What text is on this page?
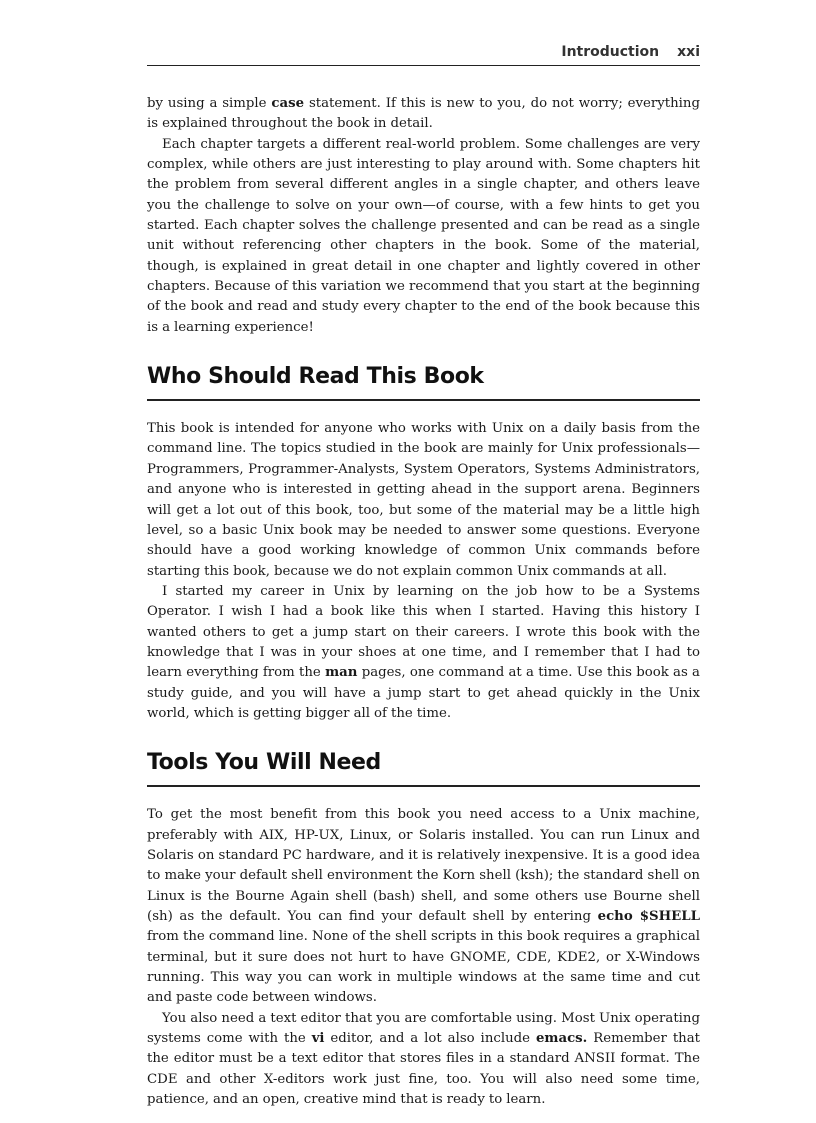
Introduction xxi

by using a simple case statement. If this is new to you, do not worry; everything is explained throughout the book in detail.

Each chapter targets a different real-world problem. Some challenges are very complex, while others are just interesting to play around with. Some chapters hit the problem from several different angles in a single chapter, and others leave you the challenge to solve on your own—of course, with a few hints to get you started. Each chapter solves the challenge presented and can be read as a single unit without referencing other chapters in the book. Some of the material, though, is explained in great detail in one chapter and lightly covered in other chapters. Because of this variation we recommend that you start at the beginning of the book and read and study every chapter to the end of the book because this is a learning experience!

Who Should Read This Book

This book is intended for anyone who works with Unix on a daily basis from the command line. The topics studied in the book are mainly for Unix professionals—Programmers, Programmer-Analysts, System Operators, Systems Administrators, and anyone who is interested in getting ahead in the support arena. Beginners will get a lot out of this book, too, but some of the material may be a little high level, so a basic Unix book may be needed to answer some questions. Everyone should have a good working knowledge of common Unix commands before starting this book, because we do not explain common Unix commands at all.

I started my career in Unix by learning on the job how to be a Systems Operator. I wish I had a book like this when I started. Having this history I wanted others to get a jump start on their careers. I wrote this book with the knowledge that I was in your shoes at one time, and I remember that I had to learn everything from the man pages, one command at a time. Use this book as a study guide, and you will have a jump start to get ahead quickly in the Unix world, which is getting bigger all of the time.

Tools You Will Need

To get the most benefit from this book you need access to a Unix machine, preferably with AIX, HP-UX, Linux, or Solaris installed. You can run Linux and Solaris on standard PC hardware, and it is relatively inexpensive. It is a good idea to make your default shell environment the Korn shell (ksh); the standard shell on Linux is the Bourne Again shell (bash) shell, and some others use Bourne shell (sh) as the default. You can find your default shell by entering echo $SHELL from the command line. None of the shell scripts in this book requires a graphical terminal, but it sure does not hurt to have GNOME, CDE, KDE2, or X-Windows running. This way you can work in multiple windows at the same time and cut and paste code between windows.

You also need a text editor that you are comfortable using. Most Unix operating systems come with the vi editor, and a lot also include emacs. Remember that the editor must be a text editor that stores files in a standard ANSII format. The CDE and other X-editors work just fine, too. You will also need some time, patience, and an open, creative mind that is ready to learn.
